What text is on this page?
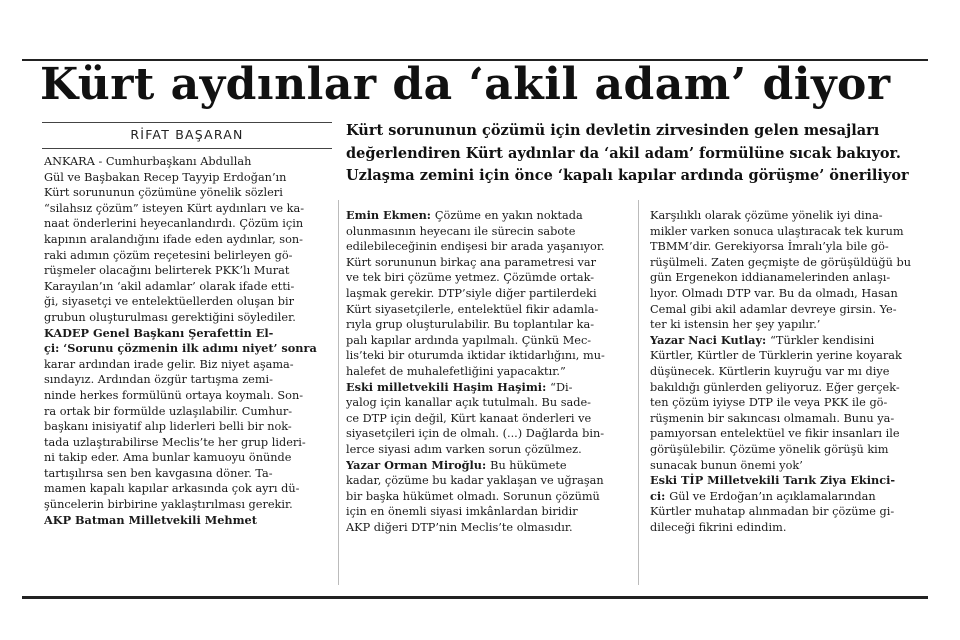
Kürt aydınlar da ‘akil adam’ diyor
RİFAT BAŞARAN	Kürt sorununun çözümü için devletin zirvesinden gelen mesajları
değerlendiren Kürt aydınlar da ‘akil adam’ formülüne sıcak bakıyor.
Uzlaşma zemini için önce ‘kapalı kapılar ardında görüşme’ öneriliyor
ANKARA - Cumhurbaşkanı Abdullah
Gül ve Başbakan Recep Tayyip Erdoğan’ın
Kürt sorununun çözümüne yönelik sözleri
“silahsız çözüm” isteyen Kürt aydınları ve ka-
naat önderlerini heyecanlandırdı. Çözüm için
kapının aralandığını ifade eden aydınlar, son-
raki adımın çözüm reçetesini belirleyen gö-
rüşmeler olacağını belirterek PKK’lı Murat
Karayılan’ın ‘akil adamlar’ olarak ifade etti-
ği, siyasetçi ve entelektüellerden oluşan bir
grubun oluşturulması gerektiğini söylediler.
KADEP Genel Başkanı Şerafettin El-
çi: ‘Sorunu çözmenin ilk adımı niyet’ sonra
karar ardından irade gelir. Biz niyet aşama-
sındayız. Ardından özgür tartışma zemi-
ninde herkes formülünü ortaya koymalı. Son-
ra ortak bir formülde uzlaşılabilir. Cumhur-
başkanı inisiyatif alıp liderleri belli bir nok-
tada uzlaştırabilirse Meclis’te her grup lideri-
ni takip eder. Ama bunlar kamuoyu önünde
tartışılırsa sen ben kavgasına döner. Ta-
mamen kapalı kapılar arkasında çok ayrı dü-
şüncelerin birbirine yaklaştırılması gerekir.
AKP Batman Milletvekili Mehmet
Emin Ekmen: Çözüme en yakın noktada
olunmasının heyecanı ile sürecin sabote
edilebileceğinin endişesi bir arada yaşanıyor.
Kürt sorununun birkaç ana parametresi var
ve tek biri çözüme yetmez. Çözümde ortak-
laşmak gerekir. DTP’siyle diğer partilerdeki
Kürt siyasetçilerle, entelektüel fikir adamla-
rıyla grup oluşturulabilir. Bu toplantılar ka-
palı kapılar ardında yapılmalı. Çünkü Mec-
lis’teki bir oturumda iktidar iktidarlığını, mu-
halefet de muhalefetliğini yapacaktır.”
Eski milletvekili Haşim Haşimi: “Di-
yalog için kanallar açık tutulmalı. Bu sade-
ce DTP için değil, Kürt kanaat önderleri ve
siyasetçileri için de olmalı. (...) Dağlarda bin-
lerce siyasi adım varken sorun çözülmez.
Yazar Orman Miroğlu: Bu hükümete
kadar, çözüme bu kadar yaklaşan ve uğraşan
bir başka hükümet olmadı. Sorunun çözümü
için en önemli siyasi imkânlardan biridir
AKP diğeri DTP’nin Meclis’te olmasıdır.
Karşılıklı olarak çözüme yönelik iyi dina-
mikler varken sonuca ulaştıracak tek kurum
TBMM’dir. Gerekiyorsa İmralı’yla bile gö-
rüşülmeli. Zaten geçmişte de görüşüldüğü bu
gün Ergenekon iddianamelerinden anlaşı-
lıyor. Olmadı DTP var. Bu da olmadı, Hasan
Cemal gibi akil adamlar devreye girsin. Ye-
ter ki istensin her şey yapılır.’
Yazar Naci Kutlay: “Türkler kendisini
Kürtler, Kürtler de Türklerin yerine koyarak
düşünecek. Kürtlerin kuyruğu var mı diye
bakıldığı günlerden geliyoruz. Eğer gerçek-
ten çözüm iyiyse DTP ile veya PKK ile gö-
rüşmenin bir sakıncası olmamalı. Bunu ya-
pamıyorsan entelektüel ve fikir insanları ile
görüşülebilir. Çözüme yönelik görüşü kim
sunacak bunun önemi yok’
Eski TİP Milletvekili Tarık Ziya Ekinci-
ci: Gül ve Erdoğan’ın açıklamalarından
Kürtler muhatap alınmadan bir çözüme gi-
dileceği fikrini edindim.
